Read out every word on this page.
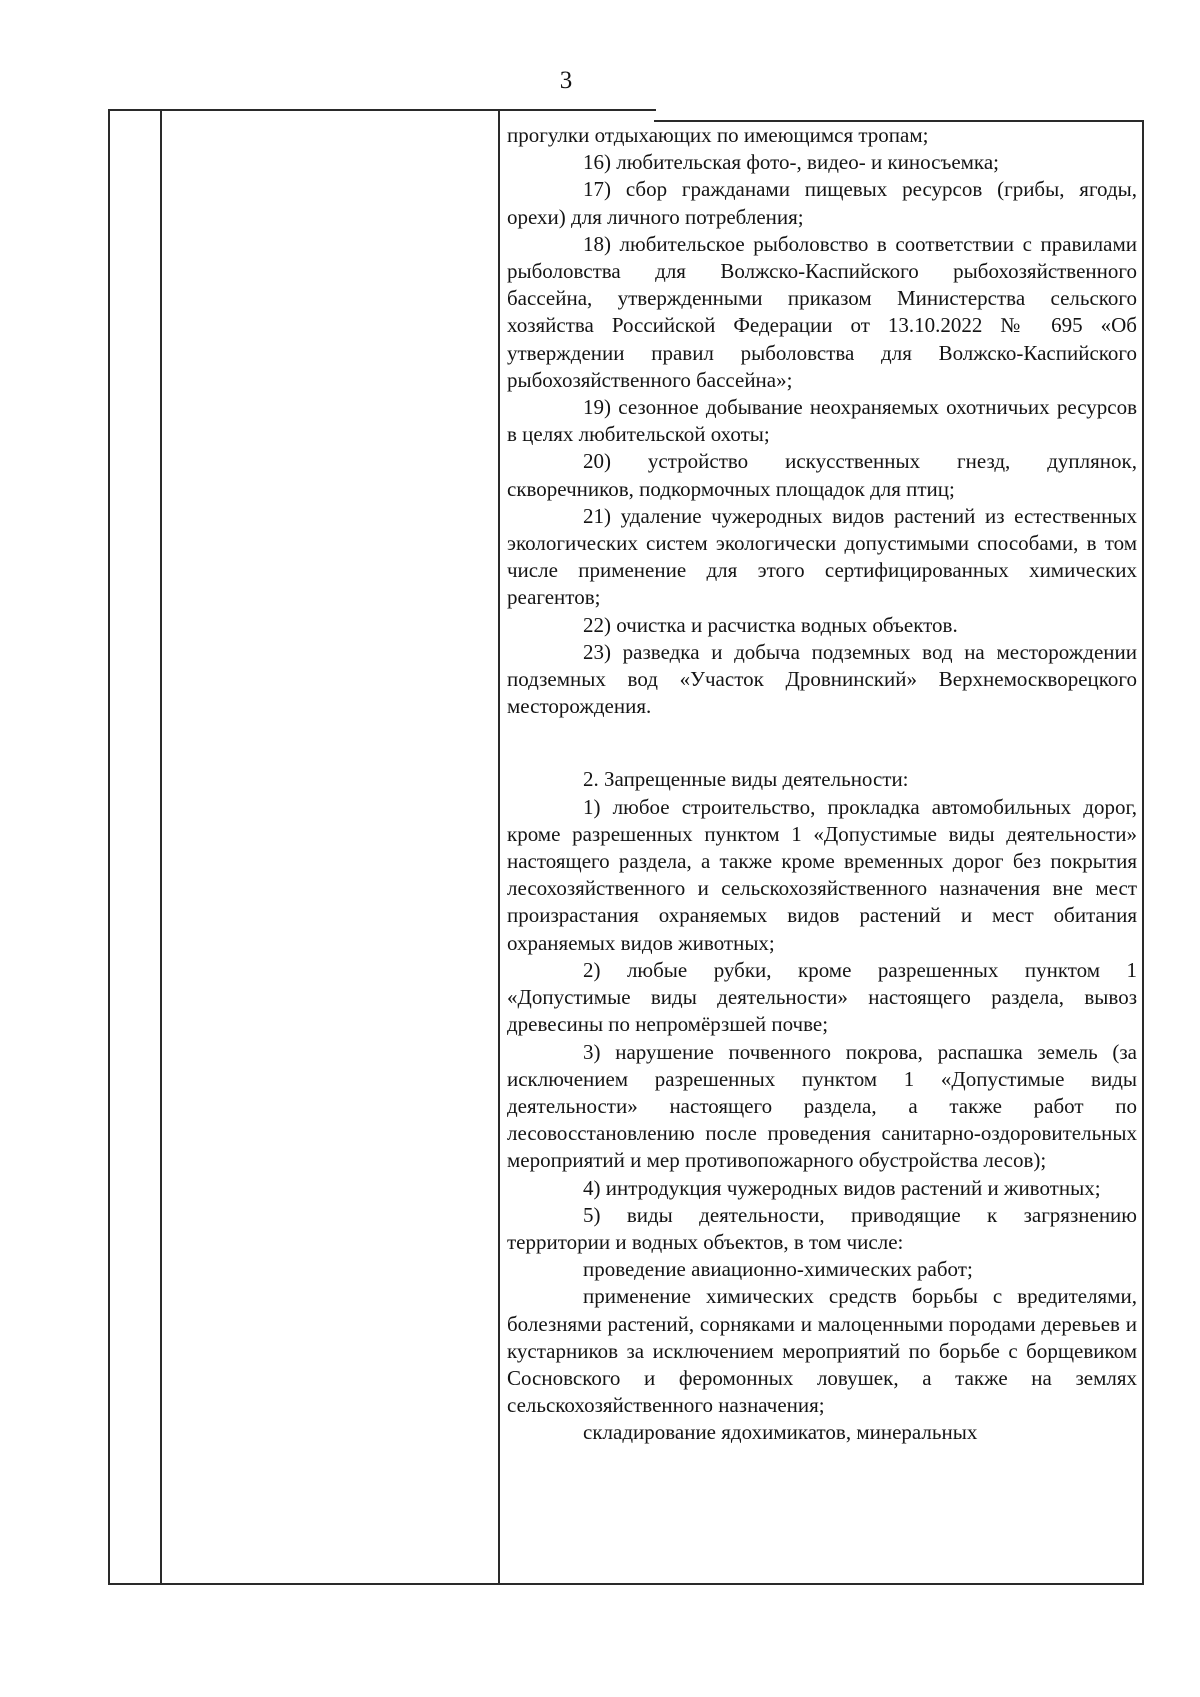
3

прогулки отдыхающих по имеющимся тропам;

16) любительская фото-, видео- и киносъемка;

17) сбор гражданами пищевых ресурсов (грибы, ягоды, орехи) для личного потребления;

18) любительское рыболовство в соответствии с правилами рыболовства для Волжско-Каспийского рыбохозяйственного бассейна, утвержденными приказом Министерства сельского хозяйства Российской Федерации от 13.10.2022 № 695 «Об утверждении правил рыболовства для Волжско-Каспийского рыбохозяйственного бассейна»;

19) сезонное добывание неохраняемых охотничьих ресурсов в целях любительской охоты;

20) устройство искусственных гнезд, дуплянок, скворечников, подкормочных площадок для птиц;

21) удаление чужеродных видов растений из естественных экологических систем экологически допустимыми способами, в том числе применение для этого сертифицированных химических реагентов;

22) очистка и расчистка водных объектов.

23) разведка и добыча подземных вод на месторождении подземных вод «Участок Дровнинский» Верхнемоскворецкого месторождения.

2. Запрещенные виды деятельности:

1) любое строительство, прокладка автомобильных дорог, кроме разрешенных пунктом 1 «Допустимые виды деятельности» настоящего раздела, а также кроме временных дорог без покрытия лесохозяйственного и сельскохозяйственного назначения вне мест произрастания охраняемых видов растений и мест обитания охраняемых видов животных;

2) любые рубки, кроме разрешенных пунктом 1 «Допустимые виды деятельности» настоящего раздела, вывоз древесины по непромёрзшей почве;

3) нарушение почвенного покрова, распашка земель (за исключением разрешенных пунктом 1 «Допустимые виды деятельности» настоящего раздела, а также работ по лесовосстановлению после проведения санитарно-оздоровительных мероприятий и мер противопожарного обустройства лесов);

4) интродукция чужеродных видов растений и животных;

5) виды деятельности, приводящие к загрязнению территории и водных объектов, в том числе:

проведение авиационно-химических работ;

применение химических средств борьбы с вредителями, болезнями растений, сорняками и малоценными породами деревьев и кустарников за исключением мероприятий по борьбе с борщевиком Сосновского и феромонных ловушек, а также на землях сельскохозяйственного назначения;

складирование ядохимикатов, минеральных
